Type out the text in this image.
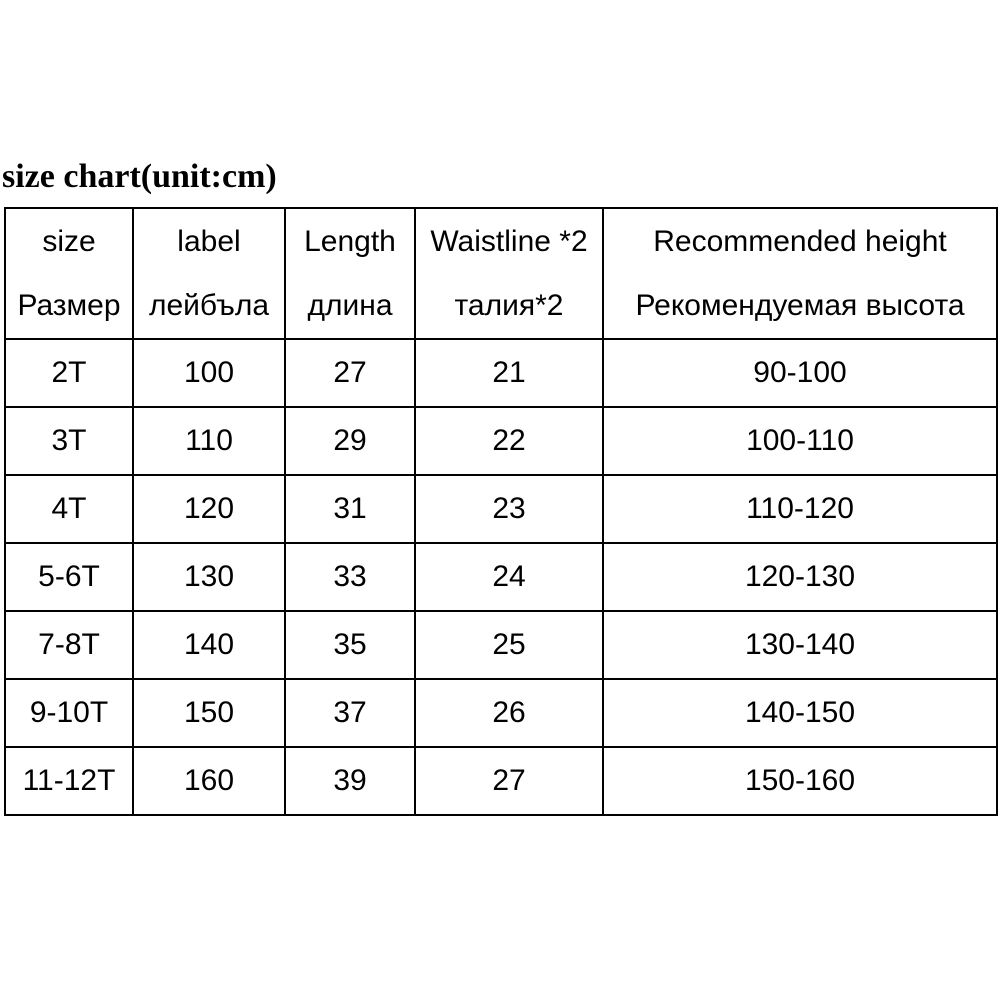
size chart(unit:cm)
size	label	Length	Waistline *2	Recommended height
Размер	лейбъла	длина	талия*2	Рекомендуемая высота
2T	100	27	21	90-100
3T	110	29	22	100-110
4T	120	31	23	110-120
5-6T	130	33	24	120-130
7-8T	140	35	25	130-140
9-10T	150	37	26	140-150
11-12T	160	39	27	150-160
